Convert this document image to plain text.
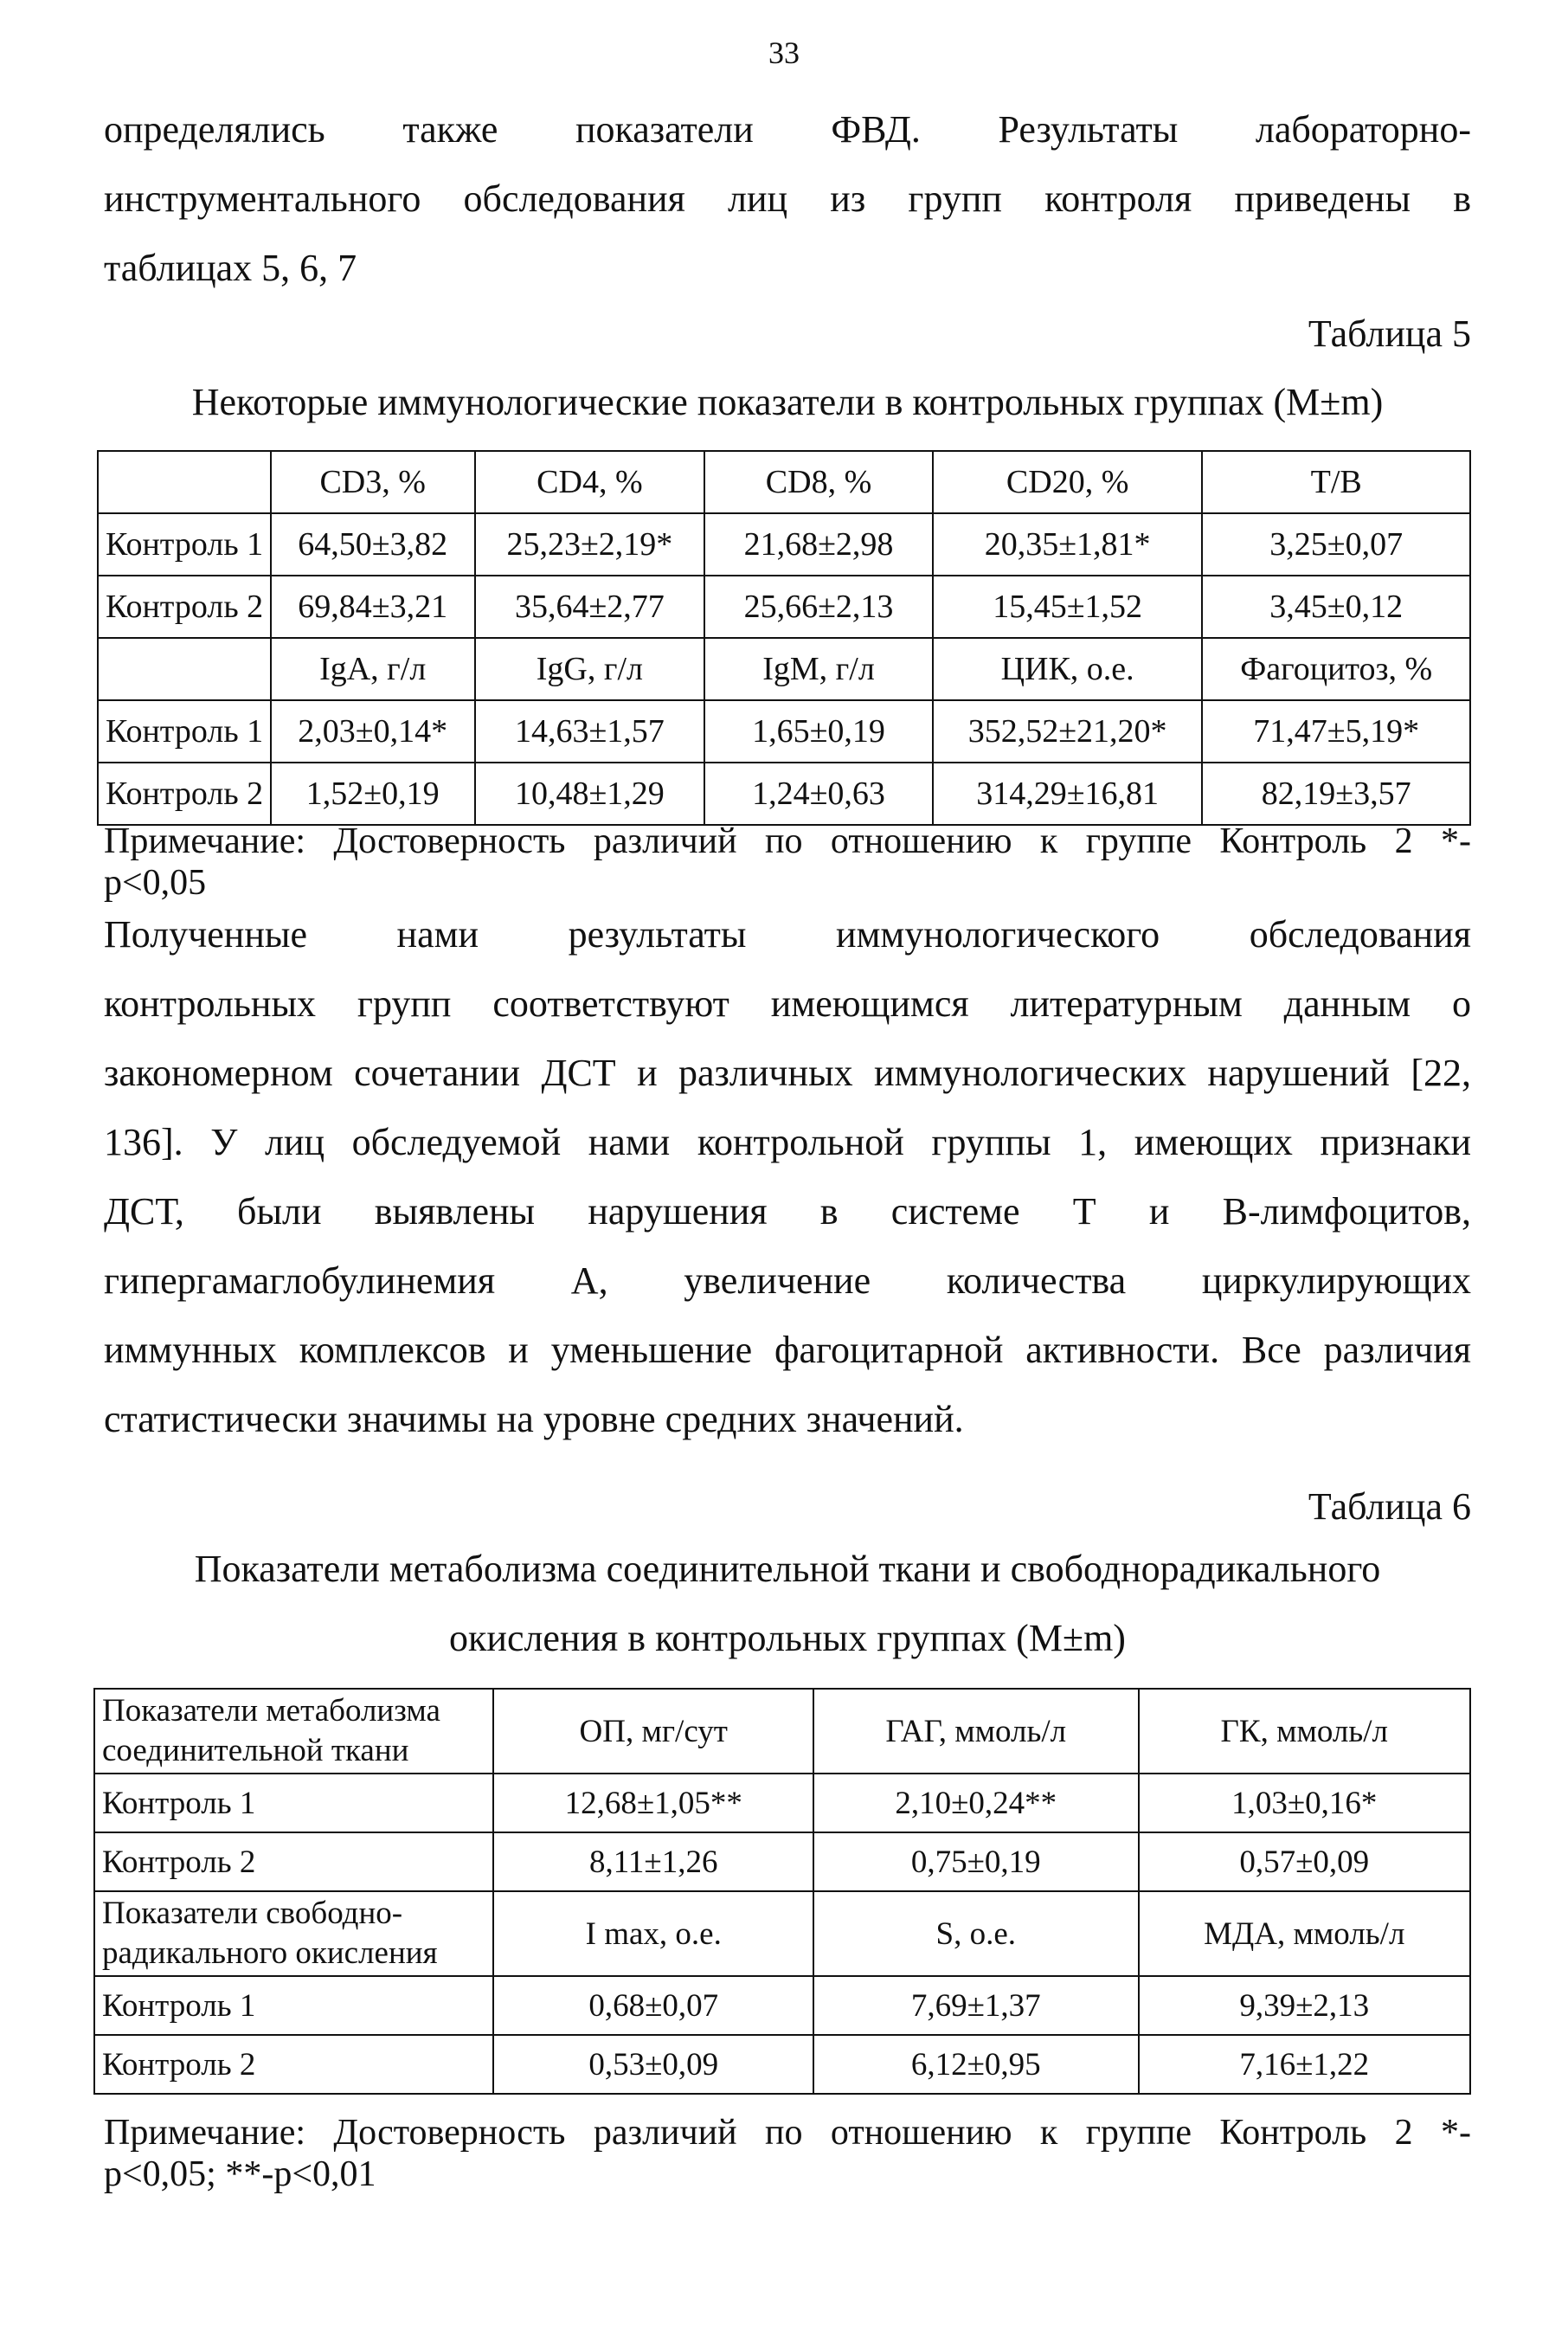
33
определялись также показатели ФВД. Результаты лабораторно-
инструментального обследования лиц из групп контроля приведены в
таблицах 5, 6, 7
Таблица 5
Некоторые иммунологические показатели в контрольных группах (M±m)
	CD3, %	CD4, %	CD8, %	CD20, %	T/B
Контроль 1	64,50±3,82	25,23±2,19*	21,68±2,98	20,35±1,81*	3,25±0,07
Контроль 2	69,84±3,21	35,64±2,77	25,66±2,13	15,45±1,52	3,45±0,12
	IgA, г/л	IgG, г/л	IgM, г/л	ЦИК, о.е.	Фагоцитоз, %
Контроль 1	2,03±0,14*	14,63±1,57	1,65±0,19	352,52±21,20*	71,47±5,19*
Контроль 2	1,52±0,19	10,48±1,29	1,24±0,63	314,29±16,81	82,19±3,57
Примечание: Достоверность различий по отношению к группе Контроль 2 *-
р<0,05
Полученные нами результаты иммунологического обследования
контрольных групп соответствуют имеющимся литературным данным о
закономерном сочетании ДСТ и различных иммунологических нарушений [22,
136]. У лиц обследуемой нами контрольной группы 1, имеющих признаки
ДСТ, были выявлены нарушения в системе Т и В-лимфоцитов,
гипергамаглобулинемия А, увеличение количества циркулирующих
иммунных комплексов и уменьшение фагоцитарной активности. Все различия
статистически значимы на уровне средних значений.
Таблица 6
Показатели метаболизма соединительной ткани и свободнорадикального
окисления в контрольных группах (M±m)
Показатели метаболизма соединительной ткани	ОП, мг/сут	ГАГ, ммоль/л	ГК, ммоль/л
Контроль 1	12,68±1,05**	2,10±0,24**	1,03±0,16*
Контроль 2	8,11±1,26	0,75±0,19	0,57±0,09
Показатели свободно-радикального окисления	I max, о.е.	S, о.е.	МДА, ммоль/л
Контроль 1	0,68±0,07	7,69±1,37	9,39±2,13
Контроль 2	0,53±0,09	6,12±0,95	7,16±1,22
Примечание: Достоверность различий по отношению к группе Контроль 2 *-
р<0,05; **-р<0,01
